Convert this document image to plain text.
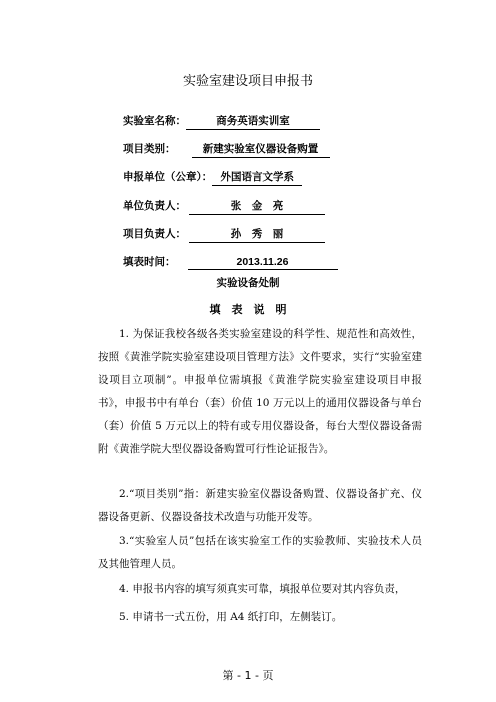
实验室建设项目申报书
实验室名称：	商务英语实训室
项目类别：	新建实验室仪器设备购置
申报单位（公章）： 外国语言文学系
单位负责人：	张　金　亮
项目负责人：	孙　秀　丽
填表时间：	2013.11.26
实验设备处制
填　表　说　明
1. 为保证我校各级各类实验室建设的科学性、规范性和高效性，按照《黄淮学院实验室建设项目管理方法》文件要求，实行“实验室建设项目立项制”。申报单位需填报《黄淮学院实验室建设项目申报书》，申报书中有单台（套）价值 10 万元以上的通用仪器设备与单台（套）价值 5 万元以上的特有或专用仪器设备，每台大型仪器设备需附《黄淮学院大型仪器设备购置可行性论证报告》。
2.“项目类别”指：新建实验室仪器设备购置、仪器设备扩充、仪器设备更新、仪器设备技术改造与功能开发等。
3.“实验室人员”包括在该实验室工作的实验教师、实验技术人员及其他管理人员。
4. 申报书内容的填写须真实可靠，填报单位要对其内容负责，
5. 申请书一式五份，用 A4 纸打印，左侧装订。
第 - 1 - 页
